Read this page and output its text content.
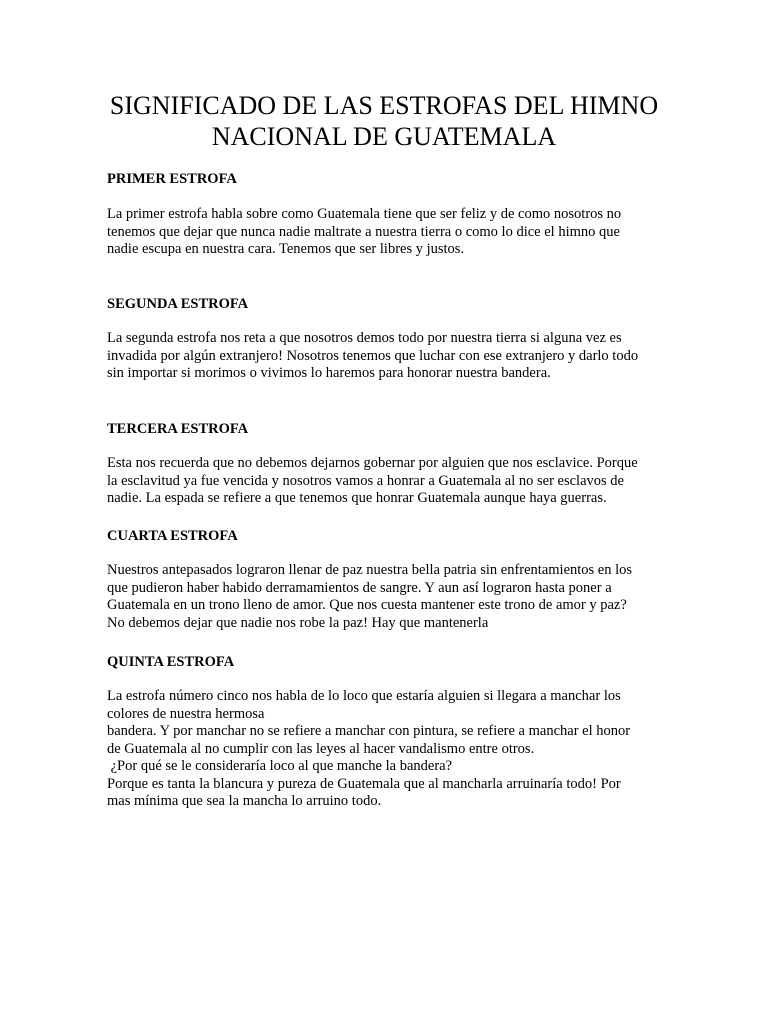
SIGNIFICADO DE LAS ESTROFAS DEL HIMNO
NACIONAL DE GUATEMALA
PRIMER ESTROFA
La primer estrofa habla sobre como Guatemala tiene que ser feliz y de como nosotros no
tenemos que dejar que nunca nadie maltrate a nuestra tierra o como lo dice el himno que
nadie escupa en nuestra cara. Tenemos que ser libres y justos.
SEGUNDA ESTROFA
La segunda estrofa nos reta a que nosotros demos todo por nuestra tierra si alguna vez es
invadida por algún extranjero! Nosotros tenemos que luchar con ese extranjero y darlo todo
sin importar si morimos o vivimos lo haremos para honorar nuestra bandera.
TERCERA ESTROFA
Esta nos recuerda que no debemos dejarnos gobernar por alguien que nos esclavice. Porque
la esclavitud ya fue vencida y nosotros vamos a honrar a Guatemala al no ser esclavos de
nadie. La espada se refiere a que tenemos que honrar Guatemala aunque haya guerras.
CUARTA ESTROFA
Nuestros antepasados lograron llenar de paz nuestra bella patria sin enfrentamientos en los
que pudieron haber habido derramamientos de sangre. Y aun así lograron hasta poner a
Guatemala en un trono lleno de amor. Que nos cuesta mantener este trono de amor y paz?
No debemos dejar que nadie nos robe la paz! Hay que mantenerla
QUINTA ESTROFA
La estrofa número cinco nos habla de lo loco que estaría alguien si llegara a manchar los
colores de nuestra hermosa
bandera. Y por manchar no se refiere a manchar con pintura, se refiere a manchar el honor
de Guatemala al no cumplir con las leyes al hacer vandalismo entre otros.
¿Por qué se le consideraría loco al que manche la bandera?
Porque es tanta la blancura y pureza de Guatemala que al mancharla arruinaría todo! Por
mas mínima que sea la mancha lo arruino todo.
